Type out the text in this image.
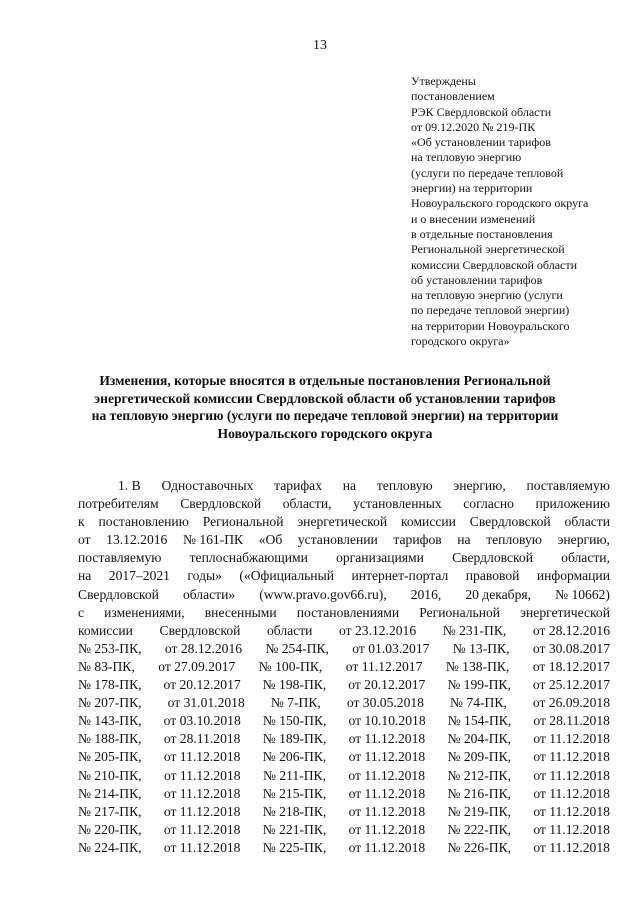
13
Утверждены
постановлением
РЭК Свердловской области
от 09.12.2020 № 219-ПК
«Об установлении тарифов
на тепловую энергию
(услуги по передаче тепловой
энергии) на территории
Новоуральского городского округа
и о внесении изменений
в отдельные постановления
Региональной энергетической
комиссии Свердловской области
об установлении тарифов
на тепловую энергию (услуги
по передаче тепловой энергии)
на территории Новоуральского
городского округа»
Изменения, которые вносятся в отдельные постановления Региональной
энергетической комиссии Свердловской области об установлении тарифов
на тепловую энергию (услуги по передаче тепловой энергии) на территории
Новоуральского городского округа
1. В Одноставочных тарифах на тепловую энергию, поставляемую
потребителям Свердловской области, установленных согласно приложению
к постановлению Региональной энергетической комиссии Свердловской области
от 13.12.2016 № 161-ПК «Об установлении тарифов на тепловую энергию,
поставляемую теплоснабжающими организациями Свердловской области,
на 2017–2021 годы» («Официальный интернет-портал правовой информации
Свердловской области» (www.pravo.gov66.ru), 2016, 20 декабря, № 10662)
с изменениями, внесенными постановлениями Региональной энергетической
комиссии Свердловской области от 23.12.2016 № 231-ПК, от 28.12.2016
№ 253-ПК, от 28.12.2016 № 254-ПК, от 01.03.2017 № 13-ПК, от 30.08.2017
№ 83-ПК, от 27.09.2017 № 100-ПК, от 11.12.2017 № 138-ПК, от 18.12.2017
№ 178-ПК, от 20.12.2017 № 198-ПК, от 20.12.2017 № 199-ПК, от 25.12.2017
№ 207-ПК, от 31.01.2018 № 7-ПК, от 30.05.2018 № 74-ПК, от 26.09.2018
№ 143-ПК, от 03.10.2018 № 150-ПК, от 10.10.2018 № 154-ПК, от 28.11.2018
№ 188-ПК, от 28.11.2018 № 189-ПК, от 11.12.2018 № 204-ПК, от 11.12.2018
№ 205-ПК, от 11.12.2018 № 206-ПК, от 11.12.2018 № 209-ПК, от 11.12.2018
№ 210-ПК, от 11.12.2018 № 211-ПК, от 11.12.2018 № 212-ПК, от 11.12.2018
№ 214-ПК, от 11.12.2018 № 215-ПК, от 11.12.2018 № 216-ПК, от 11.12.2018
№ 217-ПК, от 11.12.2018 № 218-ПК, от 11.12.2018 № 219-ПК, от 11.12.2018
№ 220-ПК, от 11.12.2018 № 221-ПК, от 11.12.2018 № 222-ПК, от 11.12.2018
№ 224-ПК, от 11.12.2018 № 225-ПК, от 11.12.2018 № 226-ПК, от 11.12.2018
